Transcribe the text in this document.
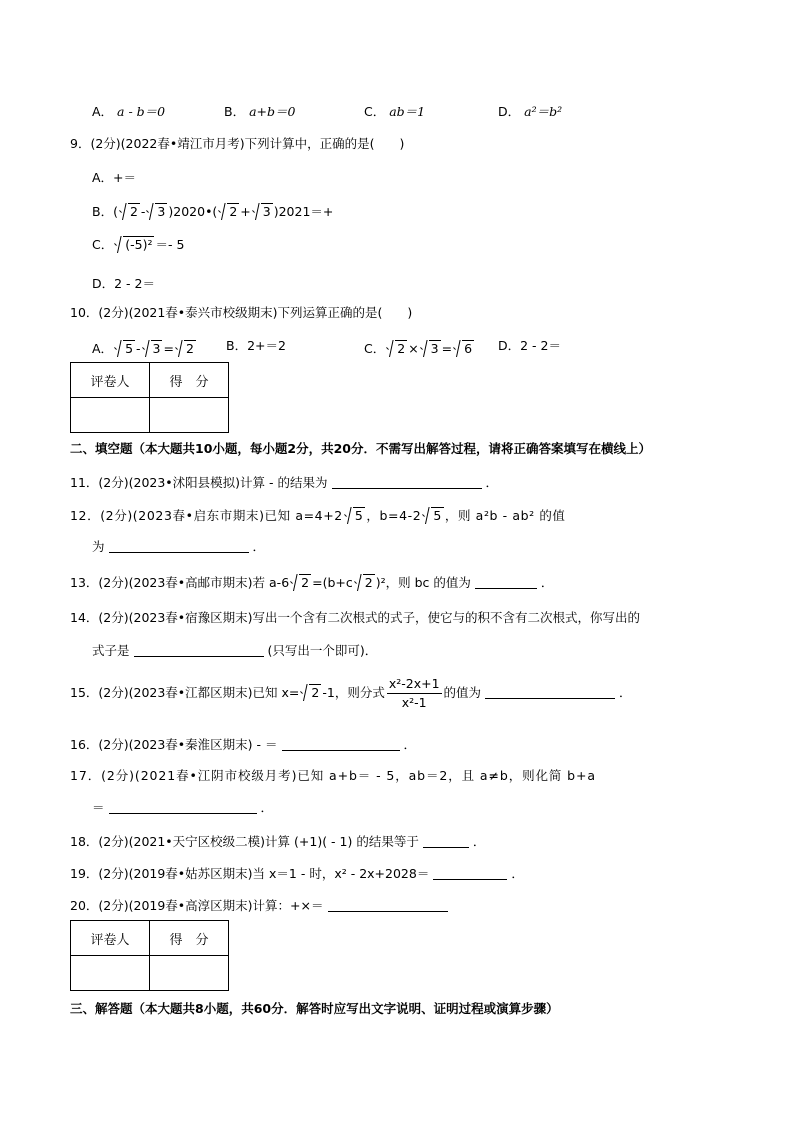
A． a - b＝0	B． a+b＝0	C． ab＝1	D． a²＝b²
9．(2分)(2022春•靖江市月考)下列计算中，正确的是(　　)
A．+＝
B．( 2 - 3 )2020•( 2 + 3 )2021＝+
C． (-5)² ＝- 5
D．2 - 2＝
10．(2分)(2021春•泰兴市校级期末)下列运算正确的是(　　)
A． 5 - 3 = 2	B．2+＝2	C． 2 × 3 = 6 D．2 - 2＝
评卷人	得　分

二、填空题（本大题共10小题，每小题2分，共20分．不需写出解答过程，请将正确答案填写在横线上）
11．(2分)(2023•沭阳县模拟)计算 - 的结果为	．
12．(2分)(2023春•启东市期末)已知 a=4+2 5 ，b=4-2 5 ，则 a²b - ab² 的值
为	．
13．(2分)(2023春•高邮市期末)若 a-6 2 =(b+c 2 )²，则 bc 的值为	．
14．(2分)(2023春•宿豫区期末)写出一个含有二次根式的式子，使它与的积不含有二次根式，你写出的
式子是	(只写出一个即可)．
15．(2分)(2023春•江都区期末)已知 x= 2 -1，则分式 $\frac{\text{x²-2x+1}}{\text{x²-1}}$ 的值为	．
16．(2分)(2023春•秦淮区期末) - ＝	．
17．(2分)(2021春•江阴市校级月考)已知 a+b＝ - 5，ab＝2，且 a≠b，则化简 b+a
＝	．
18．(2分)(2021•天宁区校级二模)计算 (+1)( - 1) 的结果等于	．
19．(2分)(2019春•姑苏区期末)当 x＝1 - 时，x² - 2x+2028＝	．
20．(2分)(2019春•高淳区期末)计算：+×＝
评卷人	得　分

三、解答题（本大题共8小题，共60分．解答时应写出文字说明、证明过程或演算步骤）
